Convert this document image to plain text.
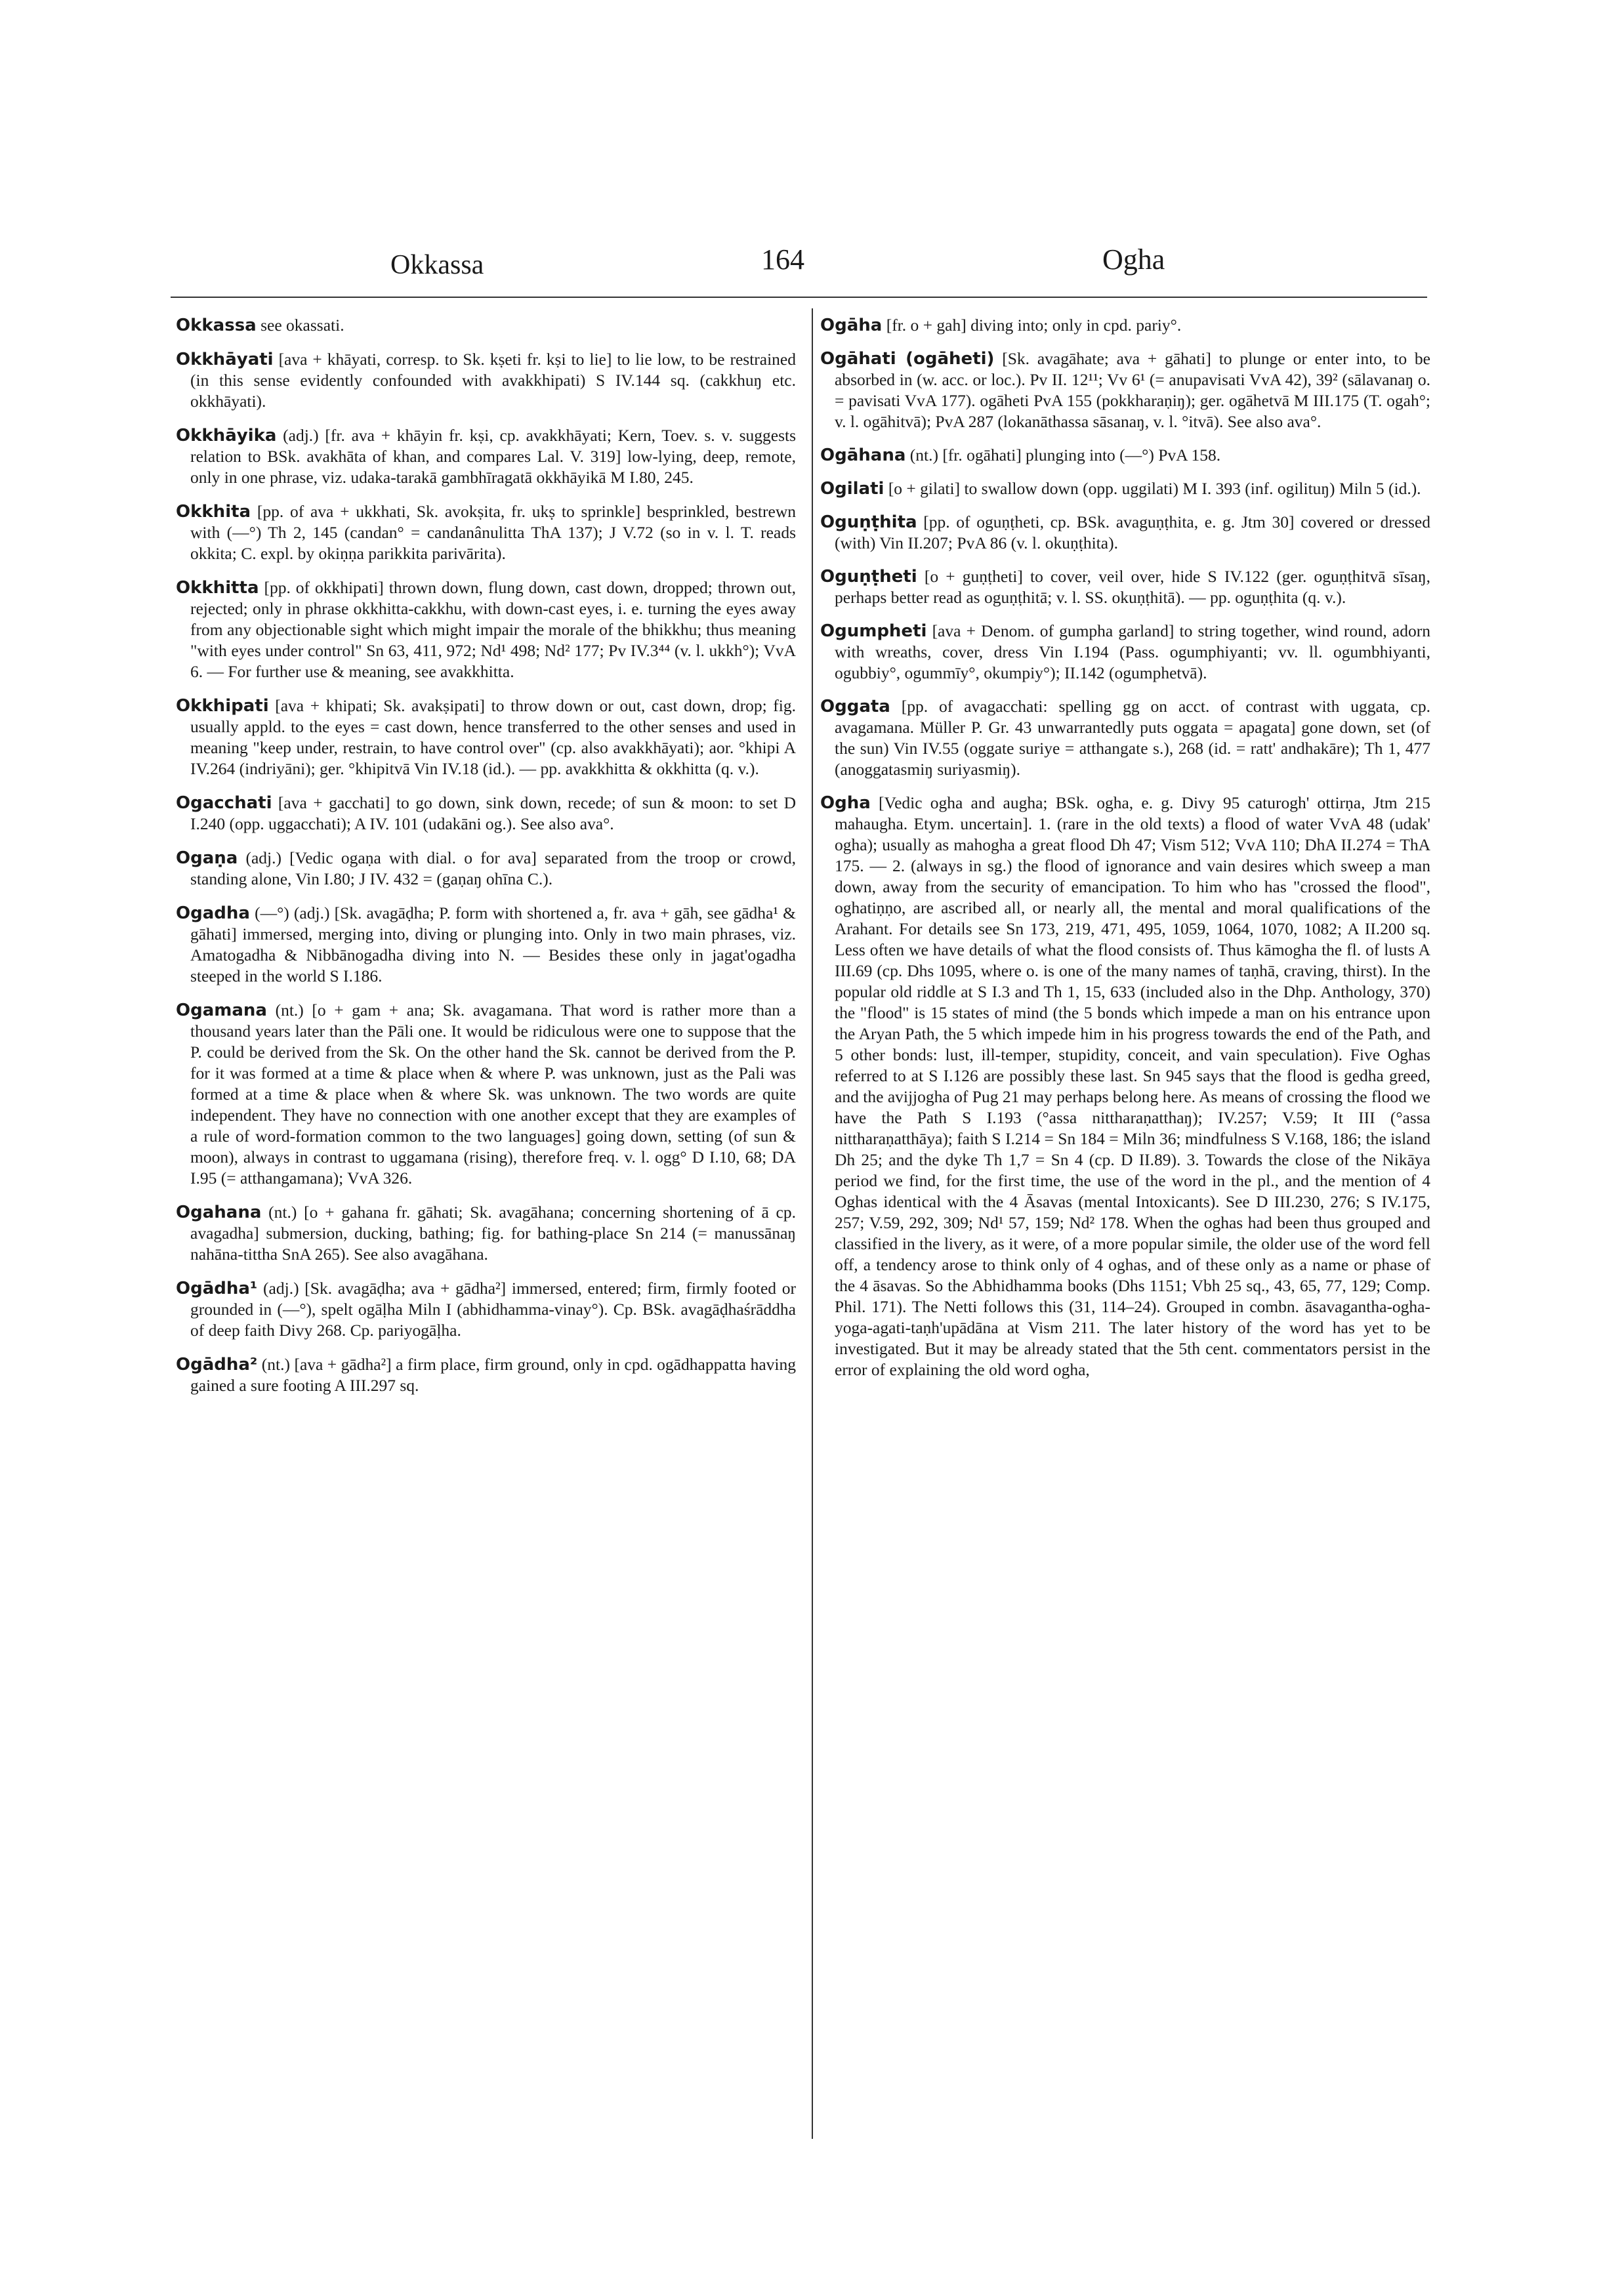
Okkassa	164	Ogha

Okkassa see okassati.

Okkhāyati [ava + khāyati, corresp. to Sk. kṣeti fr. kṣi to lie] to lie low, to be restrained (in this sense evidently confounded with avakkhipati) S IV.144 sq. (cakkhuŋ etc. okkhāyati).

Okkhāyika (adj.) [fr. ava + khāyin fr. kṣi, cp. avakkhāyati; Kern, Toev. s. v. suggests relation to BSk. avakhāta of khan, and compares Lal. V. 319] low-lying, deep, remote, only in one phrase, viz. udaka-tarakā gambhīragatā okkhāyikā M I.80, 245.

Okkhita [pp. of ava + ukkhati, Sk. avokṣita, fr. ukṣ to sprinkle] besprinkled, bestrewn with (—°) Th 2, 145 (candan° = candanânulitta ThA 137); J V.72 (so in v. l. T. reads okkita; C. expl. by okiṇṇa parikkita parivārita).

Okkhitta [pp. of okkhipati] thrown down, flung down, cast down, dropped; thrown out, rejected; only in phrase okkhitta-cakkhu, with down-cast eyes, i. e. turning the eyes away from any objectionable sight which might impair the morale of the bhikkhu; thus meaning "with eyes under control" Sn 63, 411, 972; Nd¹ 498; Nd² 177; Pv IV.3⁴⁴ (v. l. ukkh°); VvA 6. — For further use & meaning, see avakkhitta.

Okkhipati [ava + khipati; Sk. avakṣipati] to throw down or out, cast down, drop; fig. usually appld. to the eyes = cast down, hence transferred to the other senses and used in meaning "keep under, restrain, to have control over" (cp. also avakkhāyati); aor. °khipi A IV.264 (indriyāni); ger. °khipitvā Vin IV.18 (id.). — pp. avakkhitta & okkhitta (q. v.).

Ogacchati [ava + gacchati] to go down, sink down, recede; of sun & moon: to set D I.240 (opp. uggacchati); A IV. 101 (udakāni og.). See also ava°.

Ogaṇa (adj.) [Vedic ogaṇa with dial. o for ava] separated from the troop or crowd, standing alone, Vin I.80; J IV. 432 = (gaṇaŋ ohīna C.).

Ogadha (—°) (adj.) [Sk. avagāḍha; P. form with shortened a, fr. ava + gāh, see gādha¹ & gāhati] immersed, merging into, diving or plunging into. Only in two main phrases, viz. Amatogadha & Nibbānogadha diving into N. — Besides these only in jagat'ogadha steeped in the world S I.186.

Ogamana (nt.) [o + gam + ana; Sk. avagamana. That word is rather more than a thousand years later than the Pāli one. It would be ridiculous were one to suppose that the P. could be derived from the Sk. On the other hand the Sk. cannot be derived from the P. for it was formed at a time & place when & where P. was unknown, just as the Pali was formed at a time & place when & where Sk. was unknown. The two words are quite independent. They have no connection with one another except that they are examples of a rule of word-formation common to the two languages] going down, setting (of sun & moon), always in contrast to uggamana (rising), therefore freq. v. l. ogg° D I.10, 68; DA I.95 (= atthangamana); VvA 326.

Ogahana (nt.) [o + gahana fr. gāhati; Sk. avagāhana; concerning shortening of ā cp. avagadha] submersion, ducking, bathing; fig. for bathing-place Sn 214 (= manussānaŋ nahāna-tittha SnA 265). See also avagāhana.

Ogādha¹ (adj.) [Sk. avagāḍha; ava + gādha²] immersed, entered; firm, firmly footed or grounded in (—°), spelt ogāḷha Miln I (abhidhamma-vinay°). Cp. BSk. avagāḍhaśrāddha of deep faith Divy 268. Cp. pariyogāḷha.

Ogādha² (nt.) [ava + gādha²] a firm place, firm ground, only in cpd. ogādhappatta having gained a sure footing A III.297 sq.

Ogāha [fr. o + gah] diving into; only in cpd. pariy°.

Ogāhati (ogāheti) [Sk. avagāhate; ava + gāhati] to plunge or enter into, to be absorbed in (w. acc. or loc.). Pv II. 12¹¹; Vv 6¹ (= anupavisati VvA 42), 39² (sālavanaŋ o. = pavisati VvA 177). ogāheti PvA 155 (pokkharaṇiŋ); ger. ogāhetvā M III.175 (T. ogah°; v. l. ogāhitvā); PvA 287 (lokanāthassa sāsanaŋ, v. l. °itvā). See also ava°.

Ogāhana (nt.) [fr. ogāhati] plunging into (—°) PvA 158.

Ogilati [o + gilati] to swallow down (opp. uggilati) M I. 393 (inf. ogilituŋ) Miln 5 (id.).

Oguṇṭhita [pp. of oguṇṭheti, cp. BSk. avaguṇṭhita, e. g. Jtm 30] covered or dressed (with) Vin II.207; PvA 86 (v. l. okuṇṭhita).

Oguṇṭheti [o + guṇṭheti] to cover, veil over, hide S IV.122 (ger. oguṇṭhitvā sīsaŋ, perhaps better read as oguṇṭhitā; v. l. SS. okuṇṭhitā). — pp. oguṇṭhita (q. v.).

Ogumpheti [ava + Denom. of gumpha garland] to string together, wind round, adorn with wreaths, cover, dress Vin I.194 (Pass. ogumphiyanti; vv. ll. ogumbhiyanti, ogubbiy°, ogummīy°, okumpiy°); II.142 (ogumphetvā).

Oggata [pp. of avagacchati: spelling gg on acct. of contrast with uggata, cp. avagamana. Müller P. Gr. 43 unwarrantedly puts oggata = apagata] gone down, set (of the sun) Vin IV.55 (oggate suriye = atthangate s.), 268 (id. = ratt' andhakāre); Th 1, 477 (anoggatasmiŋ suriyasmiŋ).

Ogha [Vedic ogha and augha; BSk. ogha, e. g. Divy 95 caturogh' ottirṇa, Jtm 215 mahaugha. Etym. uncertain]. 1. (rare in the old texts) a flood of water VvA 48 (udak' ogha); usually as mahogha a great flood Dh 47; Vism 512; VvA 110; DhA II.274 = ThA 175. — 2. (always in sg.) the flood of ignorance and vain desires which sweep a man down, away from the security of emancipation. To him who has "crossed the flood", oghatiṇṇo, are ascribed all, or nearly all, the mental and moral qualifications of the Arahant. For details see Sn 173, 219, 471, 495, 1059, 1064, 1070, 1082; A II.200 sq. Less often we have details of what the flood consists of. Thus kāmogha the fl. of lusts A III.69 (cp. Dhs 1095, where o. is one of the many names of taṇhā, craving, thirst). In the popular old riddle at S I.3 and Th 1, 15, 633 (included also in the Dhp. Anthology, 370) the "flood" is 15 states of mind (the 5 bonds which impede a man on his entrance upon the Aryan Path, the 5 which impede him in his progress towards the end of the Path, and 5 other bonds: lust, ill-temper, stupidity, conceit, and vain speculation). Five Oghas referred to at S I.126 are possibly these last. Sn 945 says that the flood is gedha greed, and the avijjogha of Pug 21 may perhaps belong here. As means of crossing the flood we have the Path S I.193 (°assa nittharaṇatthaŋ); IV.257; V.59; It III (°assa nittharaṇatthāya); faith S I.214 = Sn 184 = Miln 36; mindfulness S V.168, 186; the island Dh 25; and the dyke Th 1,7 = Sn 4 (cp. D II.89). 3. Towards the close of the Nikāya period we find, for the first time, the use of the word in the pl., and the mention of 4 Oghas identical with the 4 Āsavas (mental Intoxicants). See D III.230, 276; S IV.175, 257; V.59, 292, 309; Nd¹ 57, 159; Nd² 178. When the oghas had been thus grouped and classified in the livery, as it were, of a more popular simile, the older use of the word fell off, a tendency arose to think only of 4 oghas, and of these only as a name or phase of the 4 āsavas. So the Abhidhamma books (Dhs 1151; Vbh 25 sq., 43, 65, 77, 129; Comp. Phil. 171). The Netti follows this (31, 114–24). Grouped in combn. āsavagantha-ogha-yoga-agati-taṇh'upādāna at Vism 211. The later history of the word has yet to be investigated. But it may be already stated that the 5th cent. commentators persist in the error of explaining the old word ogha,
